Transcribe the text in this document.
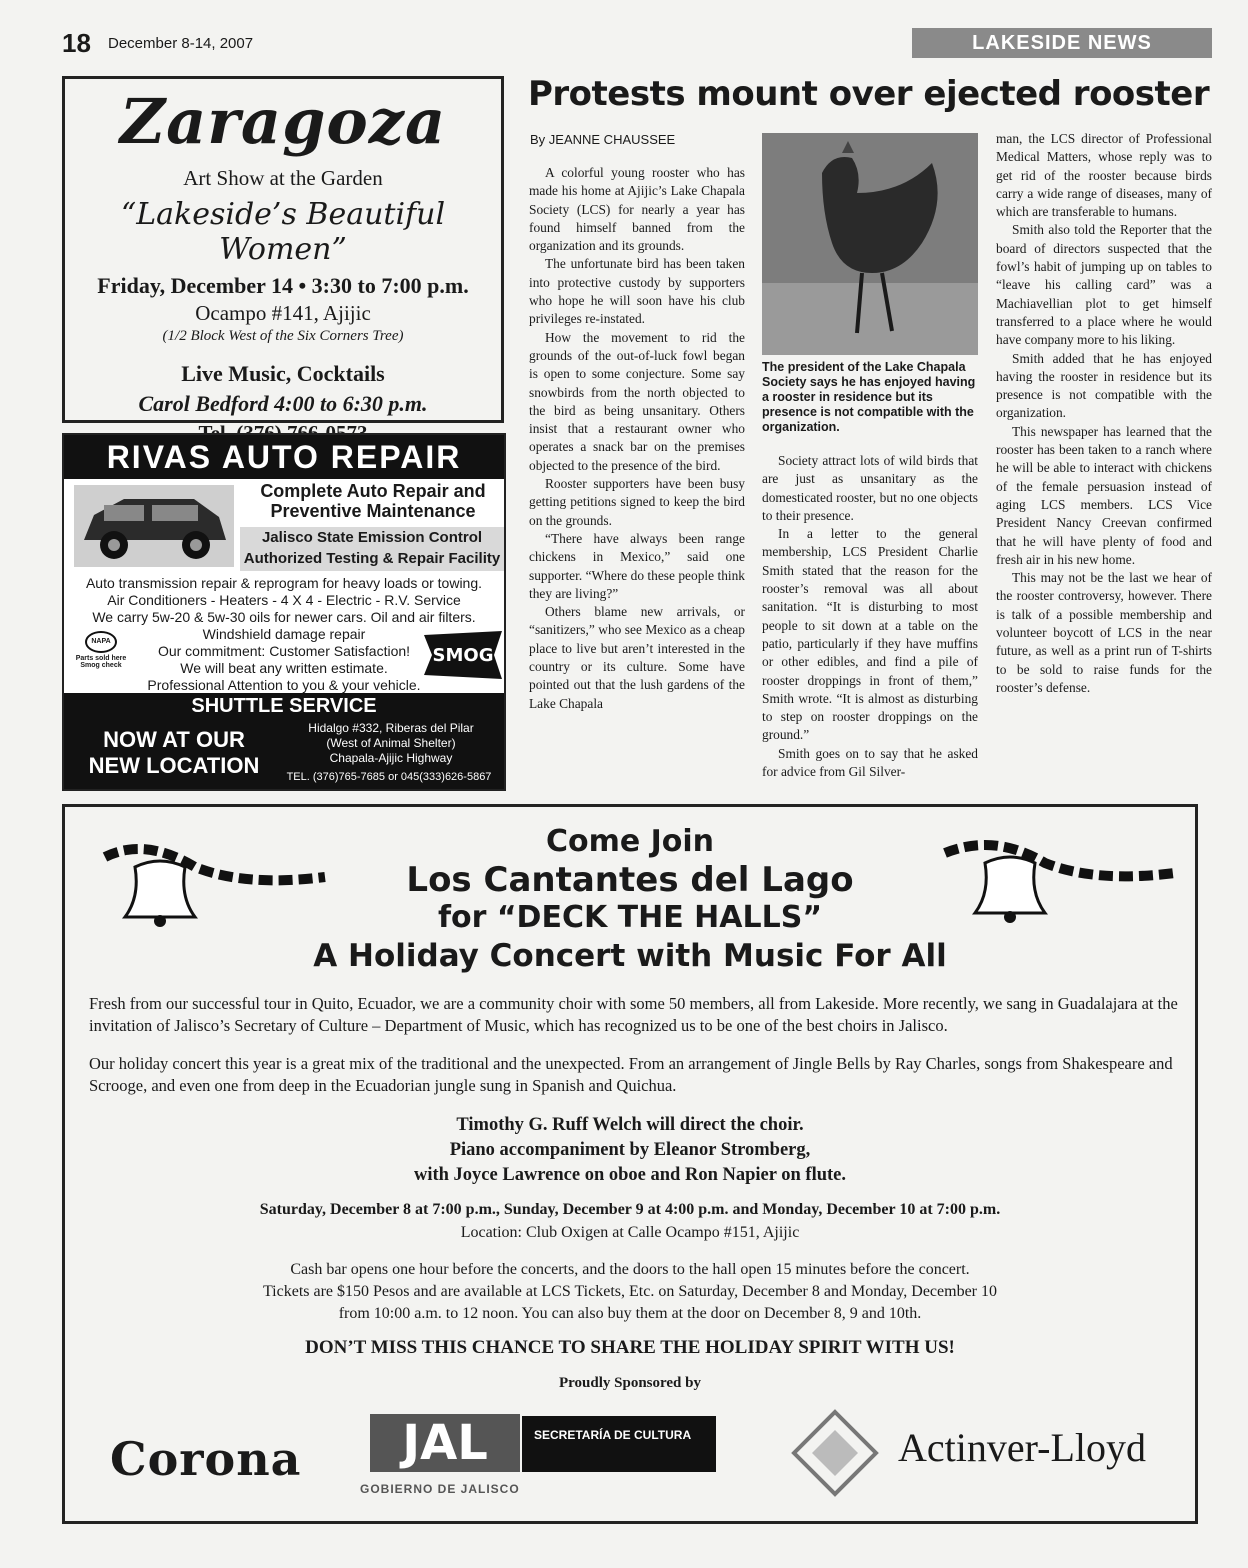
18 December 8-14, 2007	LAKESIDE NEWS
Zaragoza
Art Show at the Garden
“Lakeside’s Beautiful Women”
Friday, December 14 • 3:30 to 7:00 p.m.
Ocampo #141, Ajijic
(1/2 Block West of the Six Corners Tree)
Live Music, Cocktails
Carol Bedford 4:00 to 6:30 p.m.
RIVAS AUTO REPAIR
Complete Auto Repair and Preventive Maintenance
Jalisco State Emission Control Authorized Testing & Repair Facility
Auto transmission repair & reprogram for heavy loads or towing.
Air Conditioners - Heaters - 4 X 4 - Electric - R.V. Service
We carry 5w-20 & 5w-30 oils for newer cars. Oil and air filters.
Windshield damage repair
Our commitment: Customer Satisfaction!
We will beat any written estimate.
Professional Attention to you & your vehicle.
NAPA
Parts sold here Smog check	SMOG
SHUTTLE SERVICE
NOW AT OUR NEW LOCATION
Hidalgo #332, Riberas del Pilar
(West of Animal Shelter)
Chapala-Ajijic Highway
TEL. (376)765-7685 or 045(333)626-5867
Protests mount over ejected rooster
By JEANNE CHAUSSEE

A colorful young rooster who has made his home at Ajijic’s Lake Chapala Society (LCS) for nearly a year has found himself banned from the organization and its grounds.

The unfortunate bird has been taken into protective custody by supporters who hope he will soon have his club privileges re-instated.

How the movement to rid the grounds of the out-of-luck fowl began is open to some conjecture. Some say snowbirds from the north objected to the bird as being unsanitary. Others insist that a restaurant owner who operates a snack bar on the premises objected to the presence of the bird.

Rooster supporters have been busy getting petitions signed to keep the bird on the grounds.

“There have always been range chickens in Mexico,” said one supporter. “Where do these people think they are living?”

Others blame new arrivals, or “sanitizers,” who see Mexico as a cheap place to live but aren’t interested in the country or its culture. Some have pointed out that the lush gardens of the Lake Chapala

The president of the Lake Chapala Society says he has enjoyed having a rooster in residence but its presence is not compatible with the organization.

Society attract lots of wild birds that are just as unsanitary as the domesticated rooster, but no one objects to their presence.

In a letter to the general membership, LCS President Charlie Smith stated that the reason for the rooster’s removal was all about sanitation. “It is disturbing to most people to sit down at a table on the patio, particularly if they have muffins or other edibles, and find a pile of rooster droppings in front of them,” Smith wrote. “It is almost as disturbing to step on rooster droppings on the ground.”

Smith goes on to say that he asked for advice from Gil Silver-

man, the LCS director of Professional Medical Matters, whose reply was to get rid of the rooster because birds carry a wide range of diseases, many of which are transferable to humans.

Smith also told the Reporter that the board of directors suspected that the fowl’s habit of jumping up on tables to “leave his calling card” was a Machiavellian plot to get himself transferred to a place where he would have company more to his liking.

Smith added that he has enjoyed having the rooster in residence but its presence is not compatible with the organization.

This newspaper has learned that the rooster has been taken to a ranch where he will be able to interact with chickens of the female persuasion instead of aging LCS members. LCS Vice President Nancy Creevan confirmed that he will have plenty of food and fresh air in his new home.

This may not be the last we hear of the rooster controversy, however. There is talk of a possible membership and volunteer boycott of LCS in the near future, as well as a print run of T-shirts to be sold to raise funds for the rooster’s defense.

Come Join
Los Cantantes del Lago
for “DECK THE HALLS”
A Holiday Concert with Music For All
Fresh from our successful tour in Quito, Ecuador, we are a community choir with some 50 members, all from Lakeside. More recently, we sang in Guadalajara at the invitation of Jalisco’s Secretary of Culture – Department of Music, which has recognized us to be one of the best choirs in Jalisco.
Our holiday concert this year is a great mix of the traditional and the unexpected. From an arrangement of Jingle Bells by Ray Charles, songs from Shakespeare and Scrooge, and even one from deep in the Ecuadorian jungle sung in Spanish and Quichua.
Timothy G. Ruff Welch will direct the choir.
Piano accompaniment by Eleanor Stromberg,
with Joyce Lawrence on oboe and Ron Napier on flute.
Saturday, December 8 at 7:00 p.m., Sunday, December 9 at 4:00 p.m. and Monday, December 10 at 7:00 p.m.
Location: Club Oxigen at Calle Ocampo #151, Ajijic
Cash bar opens one hour before the concerts, and the doors to the hall open 15 minutes before the concert.
Tickets are $150 Pesos and are available at LCS Tickets, Etc. on Saturday, December 8 and Monday, December 10
from 10:00 a.m. to 12 noon. You can also buy them at the door on December 8, 9 and 10th.
DON’T MISS THIS CHANCE TO SHARE THE HOLIDAY SPIRIT WITH US!
Proudly Sponsored by
Corona	JAL	SECRETARÍA DE CULTURA
GOBIERNO DE JALISCO
Actinver-Lloyd
